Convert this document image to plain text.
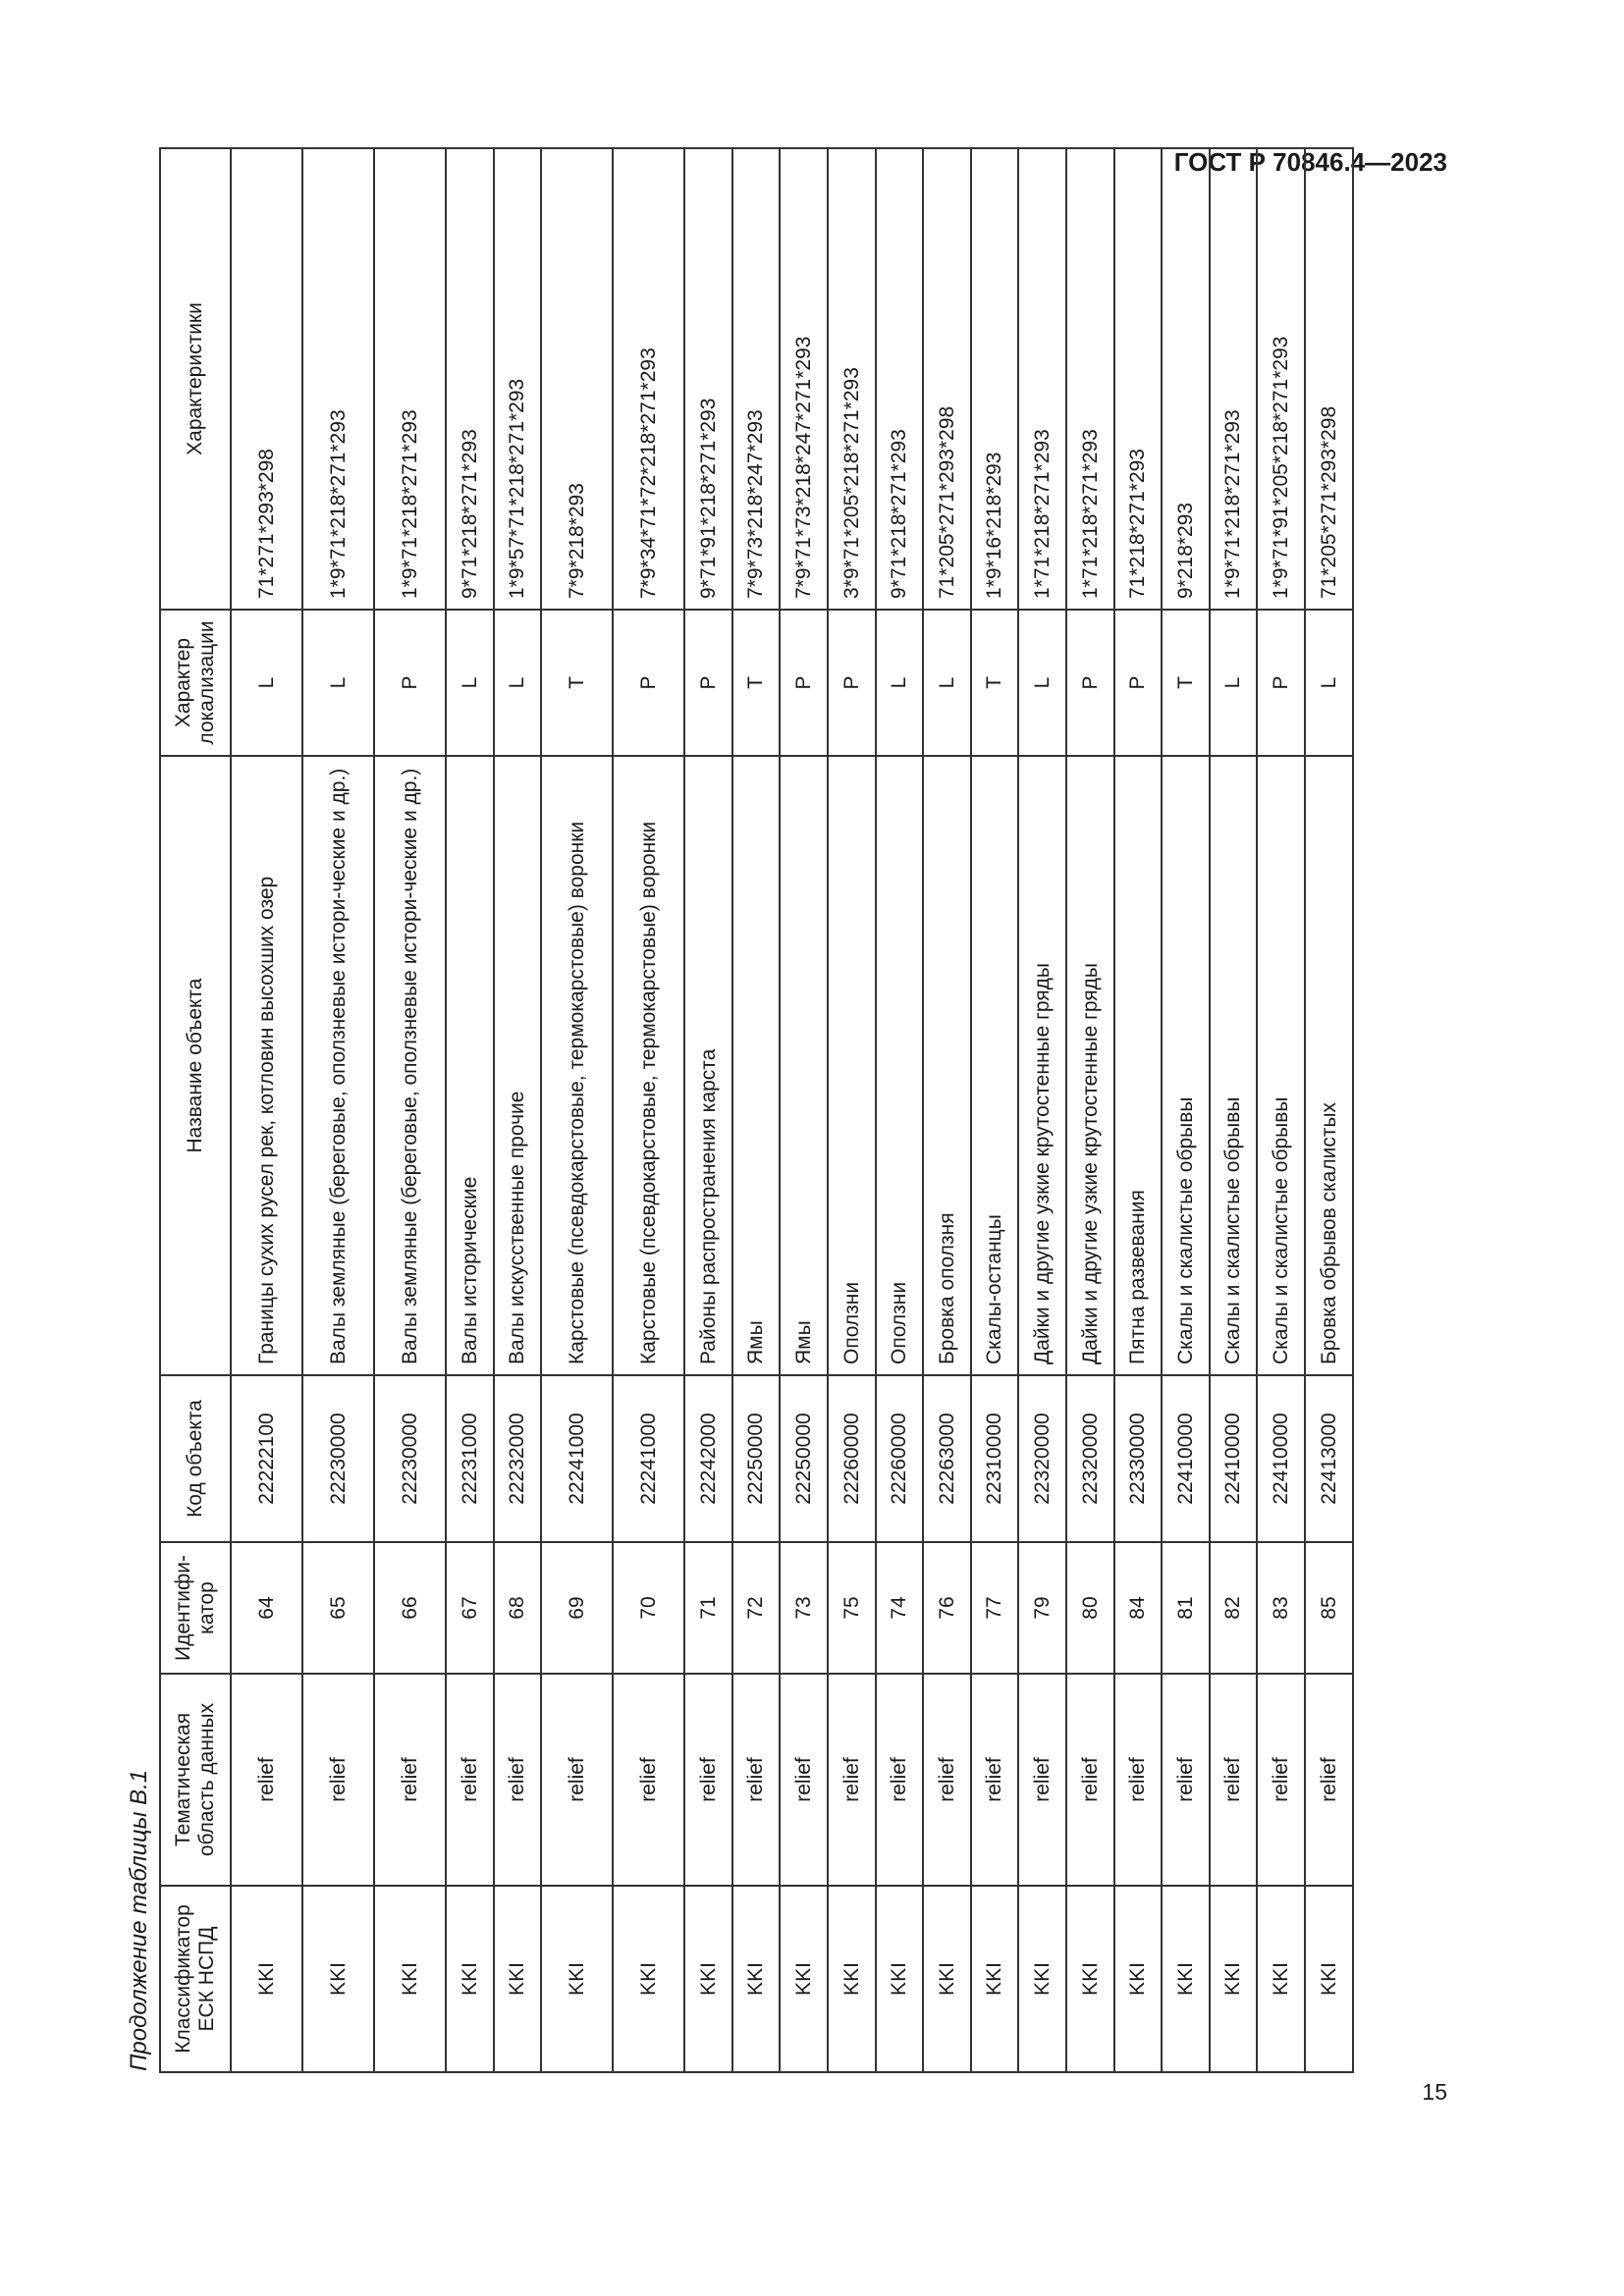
ГОСТ Р 70846.4—2023
Продолжение таблицы В.1 Классификатор ЕСК НСПД	Тематическая область данных	Идентифи-катор	Код объекта	Название объекта	Характер локализации	Характеристики
KKI	relief	64	22222100	Границы сухих русел рек, котловин высохших озер	L	71*271*293*298
KKI	relief	65	22230000	Валы земляные (береговые, оползневые истори-ческие и др.)	L	1*9*71*218*271*293
KKI	relief	66	22230000	Валы земляные (береговые, оползневые истори-ческие и др.)	P	1*9*71*218*271*293
KKI	relief	67	22231000	Валы исторические	L	9*71*218*271*293
KKI	relief	68	22232000	Валы искусственные прочие	L	1*9*57*71*218*271*293
KKI	relief	69	22241000	Карстовые (псевдокарстовые, термокарстовые) воронки	T	7*9*218*293
KKI	relief	70	22241000	Карстовые (псевдокарстовые, термокарстовые) воронки	P	7*9*34*71*72*218*271*293
KKI	relief	71	22242000	Районы распространения карста	P	9*71*91*218*271*293
KKI	relief	72	22250000	Ямы	T	7*9*73*218*247*293
KKI	relief	73	22250000	Ямы	P	7*9*71*73*218*247*271*293
KKI	relief	75	22260000	Оползни	P	3*9*71*205*218*271*293
KKI	relief	74	22260000	Оползни	L	9*71*218*271*293
KKI	relief	76	22263000	Бровка оползня	L	71*205*271*293*298
KKI	relief	77	22310000	Скалы-останцы	T	1*9*16*218*293
KKI	relief	79	22320000	Дайки и другие узкие крутостенные гряды	L	1*71*218*271*293
KKI	relief	80	22320000	Дайки и другие узкие крутостенные гряды	P	1*71*218*271*293
KKI	relief	84	22330000	Пятна развевания	P	71*218*271*293
KKI	relief	81	22410000	Скалы и скалистые обрывы	T	9*218*293
KKI	relief	82	22410000	Скалы и скалистые обрывы	L	1*9*71*218*271*293
KKI	relief	83	22410000	Скалы и скалистые обрывы	P	1*9*71*91*205*218*271*293
KKI	relief	85	22413000	Бровка обрывов скалистых	L	71*205*271*293*298
15
